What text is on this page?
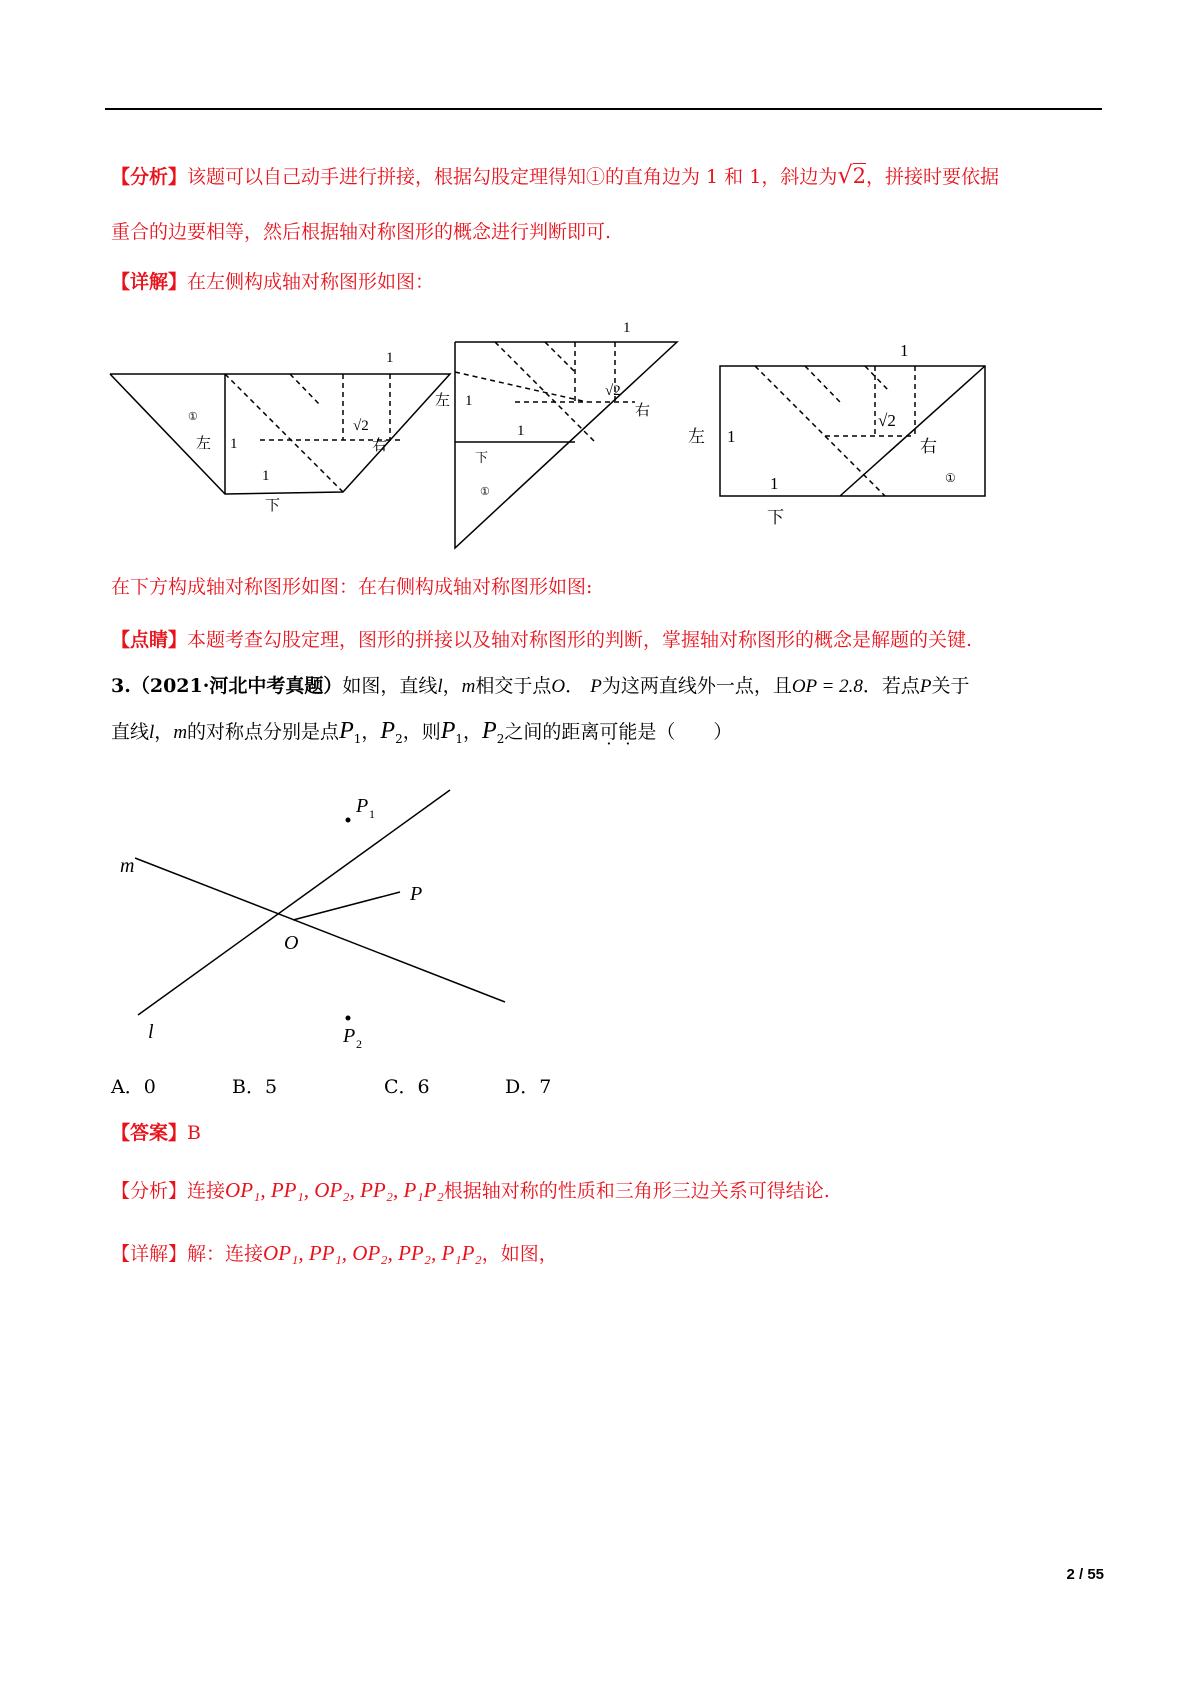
【分析】该题可以自己动手进行拼接，根据勾股定理得知①的直角边为 1 和 1，斜边为√2，拼接时要依据
重合的边要相等，然后根据轴对称图形的概念进行判断即可.
【详解】在左侧构成轴对称图形如图：
1
√2
①
左 1
1
右
下
1
√2
右
左 1
1
下
①
1
√2
左 1
1
右
①
下
在下方构成轴对称图形如图：在右侧构成轴对称图形如图:
【点睛】本题考查勾股定理，图形的拼接以及轴对称图形的判断，掌握轴对称图形的概念是解题的关键.
3.（2021·河北中考真题）如图，直线l，m相交于点O． P为这两直线外一点，且OP = 2.8．若点P关于
直线l，m的对称点分别是点$P_1$，$P_2$，则$P_1$，$P_2$之间的距离可能是（　　）
m
l
O
P
P 1
P 2
A．0	B．5	C．6	D．7
【答案】B
【分析】连接OP₁, PP₁, OP₂, PP₂, P₁P₂根据轴对称的性质和三角形三边关系可得结论.
【详解】解：连接OP₁, PP₁, OP₂, PP₂, P₁P₂，如图，
2 / 55
